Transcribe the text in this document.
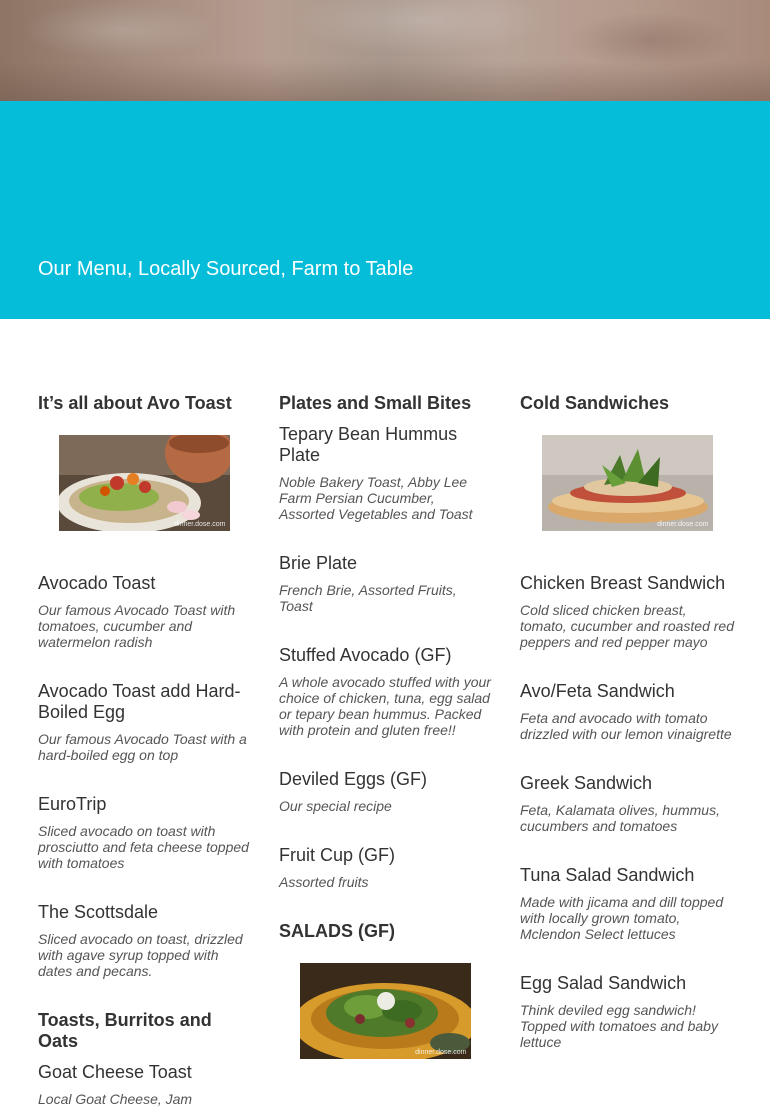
Our Menu, Locally Sourced, Farm to Table
It’s all about Avo Toast
dinner.dose.com
Avocado Toast
Our famous Avocado Toast with tomatoes, cucumber and watermelon radish
Avocado Toast add Hard-Boiled Egg
Our famous Avocado Toast with a hard-boiled egg on top
EuroTrip
Sliced avocado on toast with prosciutto and feta cheese topped with tomatoes
The Scottsdale
Sliced avocado on toast, drizzled with agave syrup topped with dates and pecans.
Toasts, Burritos and Oats
Goat Cheese Toast
Local Goat Cheese, Jam
Plates and Small Bites
Tepary Bean Hummus Plate
Noble Bakery Toast, Abby Lee Farm Persian Cucumber, Assorted Vegetables and Toast
Brie Plate
French Brie, Assorted Fruits, Toast
Stuffed Avocado (GF)
A whole avocado stuffed with your choice of chicken, tuna, egg salad or tepary bean hummus. Packed with protein and gluten free!!
Deviled Eggs (GF)
Our special recipe
Fruit Cup (GF)
Assorted fruits
SALADS (GF)
dinner.dose.com
Cold Sandwiches
dinner.dose.com
Chicken Breast Sandwich
Cold sliced chicken breast, tomato, cucumber and roasted red peppers and red pepper mayo
Avo/Feta Sandwich
Feta and avocado with tomato drizzled with our lemon vinaigrette
Greek Sandwich
Feta, Kalamata olives, hummus, cucumbers and tomatoes
Tuna Salad Sandwich
Made with jicama and dill topped with locally grown tomato, Mclendon Select lettuces
Egg Salad Sandwich
Think deviled egg sandwich! Topped with tomatoes and baby lettuce
